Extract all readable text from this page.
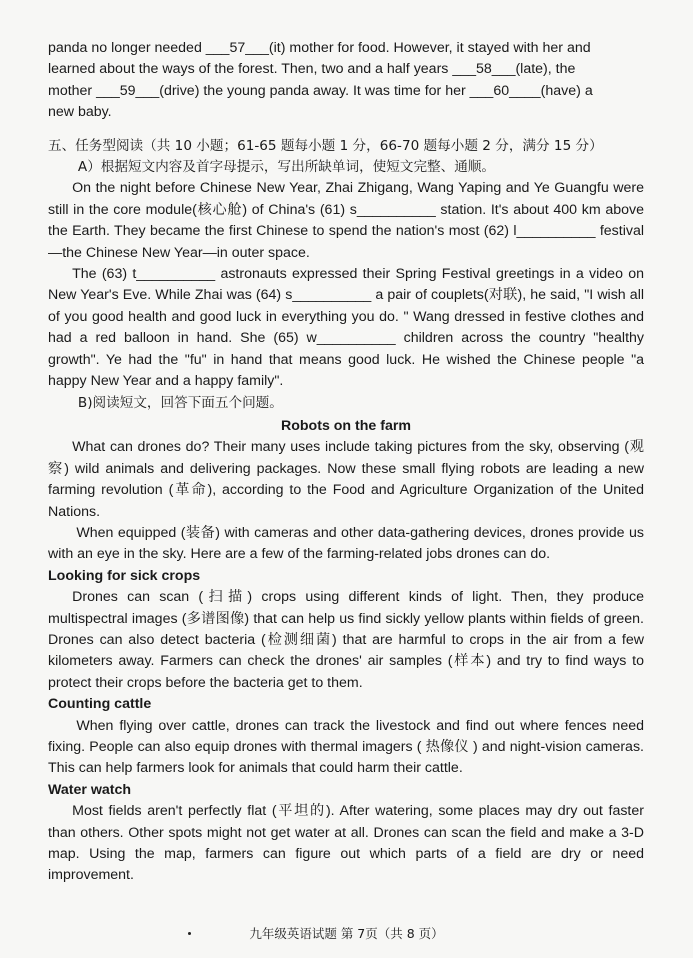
panda no longer needed ___57___(it) mother for food. However, it stayed with her and

learned about the ways of the forest. Then, two and a half years ___58___(late), the

mother ___59___(drive) the young panda away. It was time for her ___60____(have) a

new baby.

五、任务型阅读（共 10 小题；61-65 题每小题 1 分，66-70 题每小题 2 分，满分 15 分）

A）根据短文内容及首字母提示，写出所缺单词，使短文完整、通顺。

On the night before Chinese New Year, Zhai Zhigang, Wang Yaping and Ye Guangfu were still in the core module(核心舱) of China's (61) s__________ station. It's about 400 km above the Earth. They became the first Chinese to spend the nation's most (62) l__________ festival—the Chinese New Year—in outer space.

The (63) t__________ astronauts expressed their Spring Festival greetings in a video on New Year's Eve. While Zhai was (64) s__________ a pair of couplets(对联), he said, "I wish all of you good health and good luck in everything you do. " Wang dressed in festive clothes and had a red balloon in hand. She (65) w__________ children across the country "healthy growth". Ye had the "fu" in hand that means good luck. He wished the Chinese people "a happy New Year and a happy family".

B)阅读短文，回答下面五个问题。

Robots on the farm

What can drones do? Their many uses include taking pictures from the sky, observing (观察) wild animals and delivering packages. Now these small flying robots are leading a new farming revolution (革命), according to the Food and Agriculture Organization of the United Nations.

When equipped (装备) with cameras and other data-gathering devices, drones provide us with an eye in the sky. Here are a few of the farming-related jobs drones can do.

Looking for sick crops

Drones can scan (扫描) crops using different kinds of light. Then, they produce multispectral images (多谱图像) that can help us find sickly yellow plants within fields of green. Drones can also detect bacteria (检测细菌) that are harmful to crops in the air from a few kilometers away. Farmers can check the drones' air samples (样本) and try to find ways to protect their crops before the bacteria get to them.

Counting cattle

When flying over cattle, drones can track the livestock and find out where fences need fixing. People can also equip drones with thermal imagers ( 热像仪 ) and night-vision cameras. This can help farmers look for animals that could harm their cattle.

Water watch

Most fields aren't perfectly flat (平坦的). After watering, some places may dry out faster than others. Other spots might not get water at all. Drones can scan the field and make a 3-D map. Using the map, farmers can figure out which parts of a field are dry or need improvement.

九年级英语试题 第 7页（共 8 页）
